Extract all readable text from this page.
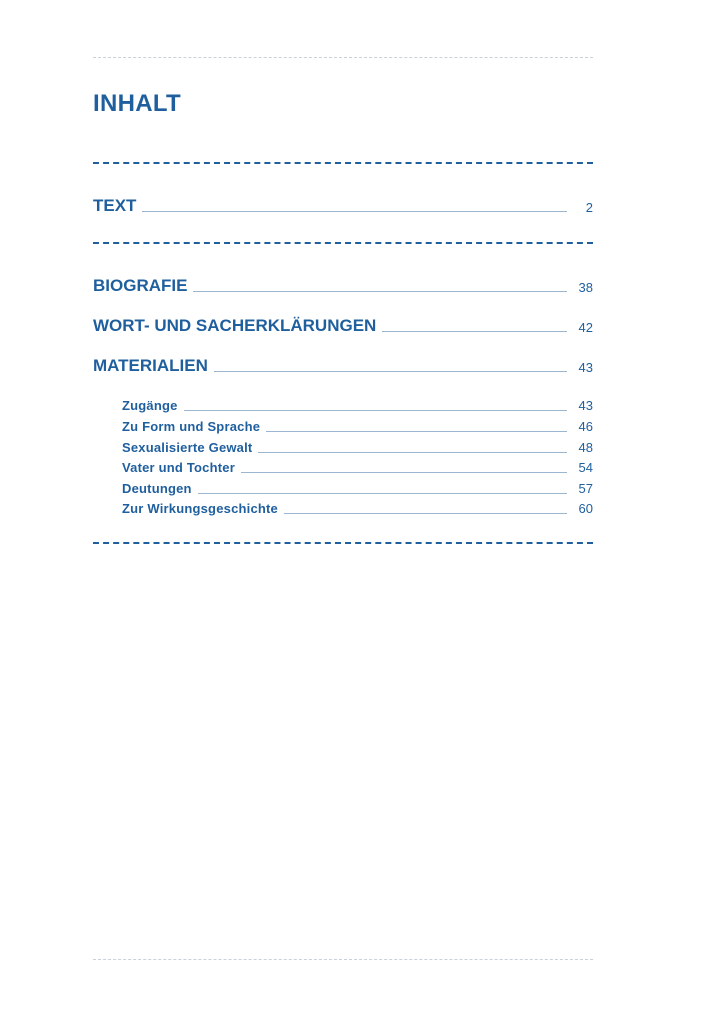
INHALT
TEXT	2
BIOGRAFIE	38
WORT- UND SACHERKLÄRUNGEN	42
MATERIALIEN	43
Zugänge	43
Zu Form und Sprache	46
Sexualisierte Gewalt	48
Vater und Tochter	54
Deutungen	57
Zur Wirkungsgeschichte	60
